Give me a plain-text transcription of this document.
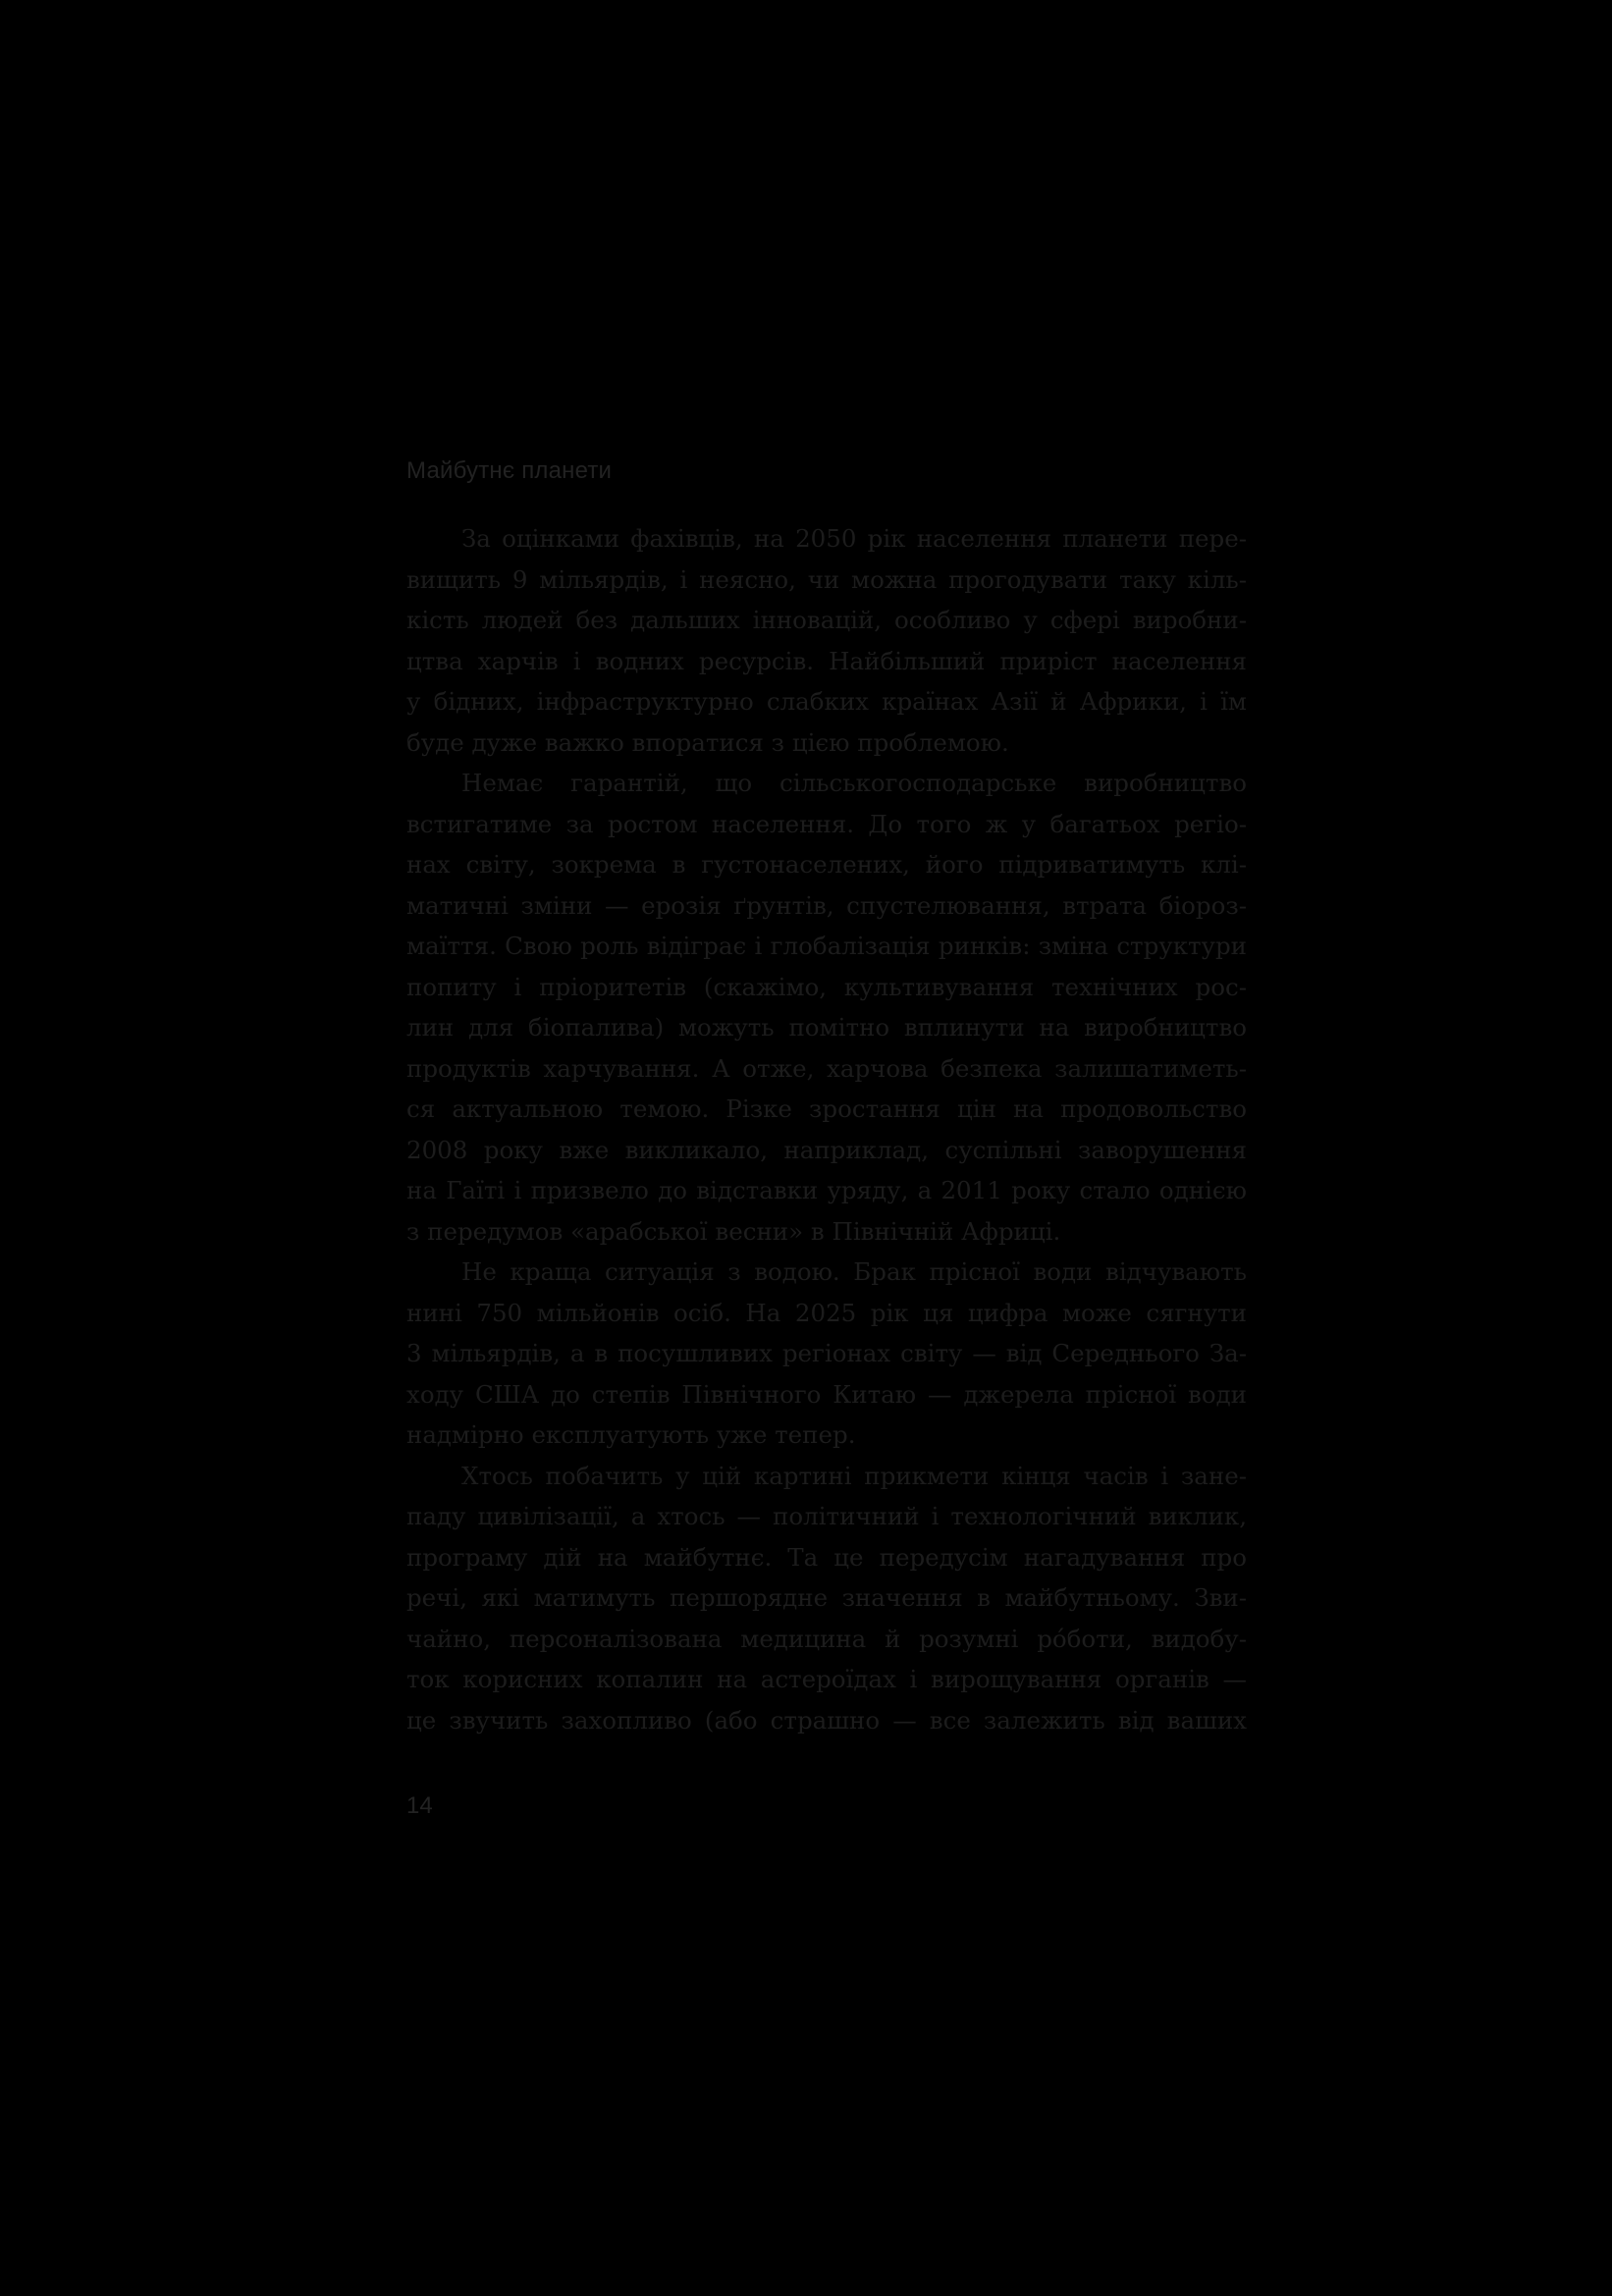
Майбутнє планети
За оцінками фахівців, на 2050 рік населення планети пере-
вищить 9 мільярдів, і неясно, чи можна прогодувати таку кіль-
кість людей без дальших інновацій, особливо у сфері виробни-
цтва харчів і водних ресурсів. Найбільший приріст населення
у бідних, інфраструктурно слабких країнах Азії й Африки, і їм
буде дуже важко впоратися з цією проблемою.
Немає гарантій, що сільськогосподарське виробництво
встигатиме за ростом населення. До того ж у багатьох регіо-
нах світу, зокрема в густонаселених, його підриватимуть клі-
матичні зміни — ерозія ґрунтів, спустелювання, втрата біороз-
маїття. Свою роль відіграє і глобалізація ринків: зміна структури
попиту і пріоритетів (скажімо, культивування технічних рос-
лин для біопалива) можуть помітно вплинути на виробництво
продуктів харчування. А отже, харчова безпека залишатиметь-
ся актуальною темою. Різке зростання цін на продовольство
2008 року вже викликало, наприклад, суспільні заворушення
на Гаїті і призвело до відставки уряду, а 2011 року стало однією
з передумов «арабської весни» в Північній Африці.
Не краща ситуація з водою. Брак прісної води відчувають
нині 750 мільйонів осіб. На 2025 рік ця цифра може сягнути
3 мільярдів, а в посушливих регіонах світу — від Середнього За-
ходу США до степів Північного Китаю — джерела прісної води
надмірно експлуатують уже тепер.
Хтось побачить у цій картині прикмети кінця часів і зане-
паду цивілізації, а хтось — політичний і технологічний виклик,
програму дій на майбутнє. Та це передусім нагадування про
речі, які матимуть першорядне значення в майбутньому. Зви-
чайно, персоналізована медицина й розумні ро́боти, видобу-
ток корисних копалин на астероїдах і вирощування органів —
це звучить захопливо (або страшно — все залежить від ваших
14
